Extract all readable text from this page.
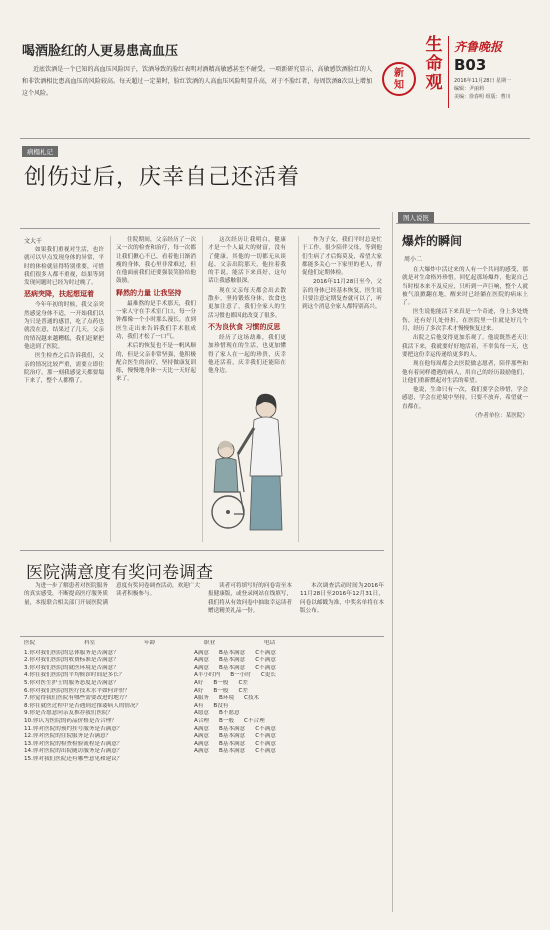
生
命
观
齐鲁晚报
B03
2016年11月28日 星期一
编辑：尹丽莉
美编：徐春明 组版：曹川
新
知
喝酒脸红的人更易患高血压

近底饮酒是一个已知的高血压风险因子，饮酒导致的脸红表明对酒精高敏感甚至不耐受。一项新研究显示，高敏感饮酒脸红的人和非饮酒相比患高血压的风险较高。每天超过一定量时，脸红饮酒的人高血压风险明显升高，对于不脸红者，每周饮酒8次以上增加这个风险。

病榻札记
创伤过后，庆幸自己还活着
文大千

如果我们重视对生活，也许就可以早点发现身体的异常，平时的体检就显得特别重要，可惜我们很多人都不重视，结果等到发现问题时已经为时过晚了。

恶病突降，扶起想逗着

今年年初的时候，我父亲突然感觉身体不适，一开始我们以为只是普通的感冒，吃了点药也就没在意，结果过了几天，父亲的情况越来越糟糕，我们赶紧把他送到了医院。

医生检查之后告诉我们，父亲的情况比较严重，需要立即住院治疗，那一刻我感觉天都要塌下来了，整个人都懵了。

住院期间，父亲经历了一次又一次的检查和治疗，每一次都让我们揪心不已，看着他日渐消瘦的身体，我心里非常难过，但在他面前我们还要强装笑脸给他鼓励。

释然的力量 让我坚持

最难熬的是手术那天，我们一家人守在手术室门口，每一分钟都像一个小时那么漫长，直到医生走出来告诉我们手术很成功，我们才松了一口气。

术后的恢复也不是一帆风顺的，但是父亲非常坚强，他积极配合医生的治疗，坚持做康复训练，慢慢地身体一天比一天好起来了。

这次经历让我明白，健康才是一个人最大的财富，没有了健康，其他的一切都无从谈起。父亲出院那天，他拉着我的手说，能活下来真好，这句话让我感触很深。

现在父亲每天都会出去散散步，坚持锻炼身体，饮食也更加注意了，我们全家人的生活习惯也都因此改变了很多。

不为良伙食 习惯的反思

经历了这场劫难，我们更加珍惜现在的生活，也更加懂得了家人在一起的珍贵，庆幸他还活着，庆幸我们还能陪在他身边。

作为子女，我们平时总是忙于工作，很少陪伴父母，等到他们生病了才后悔莫及，希望大家都能多关心一下家里的老人，督促他们定期体检。

2016年11月28日至今，父亲的身体已经基本恢复，医生说只要注意定期复查就可以了，听到这个消息全家人都特别高兴。

图人说医
爆炸的瞬间
周小二

在大爆炸中活过来的人有一个共同的感受，那就是对生命格外珍惜。回忆起那场爆炸，他说自己当时根本来不及反应，只听到一声巨响，整个人就被气浪掀翻在地，醒来时已经躺在医院的病床上了。

医生说他能活下来真是一个奇迹，身上多处烧伤，还有好几处骨折，在医院里一住就是好几个月，经历了多次手术才慢慢恢复过来。

出院之后他变得更加乐观了，他说既然老天让我活下来，我就要好好地活着，不辜负每一天，也要把这份幸运传递给更多的人。

现在他每周都会去医院做志愿者，陪伴那些和他有着同样遭遇的病人，用自己的经历鼓励他们，让他们重新燃起对生活的希望。

他说，生命只有一次，我们要学会珍惜，学会感恩，学会在逆境中坚持，只要不放弃，希望就一直都在。

（作者单位：某医院）
医院满意度有奖问卷调查

为进一步了解患者对医院服务的真实感受，不断提高医疗服务质量，本报联合相关部门开展医院满意度有奖问卷调查活动，欢迎广大读者积极参与。

读者可将填写好的问卷寄至本报健康版，或登录网站在线填写，我们将从有效问卷中抽取幸运读者赠送精美礼品一份。

本次调查活动时间为2016年11月28日至2016年12月31日，问卷以邮戳为准，中奖名单将在本版公布。

医院	科室	年龄	职业	电话
1.你对我们医院的总体服务是否满意？	A满意 B基本满意 C不满意
2.你对我们医院的收费标准是否满意？	A满意 B基本满意 C不满意
3.你对我们医院的就医环境是否满意？	A满意 B基本满意 C不满意
4.你在我们医院的平均候诊时间是多长？	A半小时内 B一小时 C更长
5.你对医生护士的服务态度是否满意？	A好 B一般 C差
6.你对我们医院的医疗技术水平如何评价？	A好 B一般 C差
7.你觉得我们医院有哪些需要改进的地方？	A服务 B环境 C技术
8.你在就医过程中是否遇到过推诿病人的情况？	A有 B没有
9.你是否愿意向亲友推荐我们医院？	A愿意 B不愿意
10.你认为医院的药品价格是否合理？	A合理 B一般 C不合理
11.你对医院的预约挂号服务是否满意？	A满意 B基本满意 C不满意
12.你对医院的住院服务是否满意？	A满意 B基本满意 C不满意
13.你对医院的检查检验流程是否满意？	A满意 B基本满意 C不满意
14.你对医院的出院随访服务是否满意？	A满意 B基本满意 C不满意
15.你对我们医院还有哪些意见和建议？
